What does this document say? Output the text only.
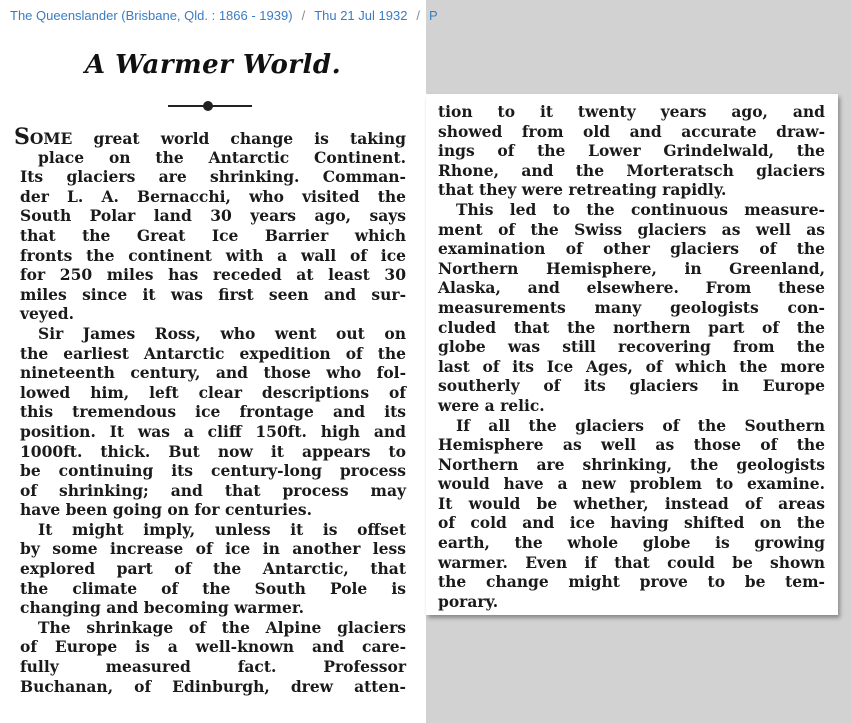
The Queenslander (Brisbane, Qld. : 1866 - 1939) / Thu 21 Jul 1932 / P
A Warmer World.
SOME great world change is taking
place on the Antarctic Continent.
Its glaciers are shrinking. Comman-
der L. A. Bernacchi, who visited the
South Polar land 30 years ago, says
that the Great Ice Barrier which
fronts the continent with a wall of ice
for 250 miles has receded at least 30
miles since it was first seen and sur-
veyed.
Sir James Ross, who went out on
the earliest Antarctic expedition of the
nineteenth century, and those who fol-
lowed him, left clear descriptions of
this tremendous ice frontage and its
position. It was a cliff 150ft. high and
1000ft. thick. But now it appears to
be continuing its century-long process
of shrinking; and that process may
have been going on for centuries.
It might imply, unless it is offset
by some increase of ice in another less
explored part of the Antarctic, that
the climate of the South Pole is
changing and becoming warmer.
The shrinkage of the Alpine glaciers
of Europe is a well-known and care-
fully measured fact. Professor
Buchanan, of Edinburgh, drew atten-
tion to it twenty years ago, and
showed from old and accurate draw-
ings of the Lower Grindelwald, the
Rhone, and the Morteratsch glaciers
that they were retreating rapidly.
This led to the continuous measure-
ment of the Swiss glaciers as well as
examination of other glaciers of the
Northern Hemisphere, in Greenland,
Alaska, and elsewhere. From these
measurements many geologists con-
cluded that the northern part of the
globe was still recovering from the
last of its Ice Ages, of which the more
southerly of its glaciers in Europe
were a relic.
If all the glaciers of the Southern
Hemisphere as well as those of the
Northern are shrinking, the geologists
would have a new problem to examine.
It would be whether, instead of areas
of cold and ice having shifted on the
earth, the whole globe is growing
warmer. Even if that could be shown
the change might prove to be tem-
porary.
